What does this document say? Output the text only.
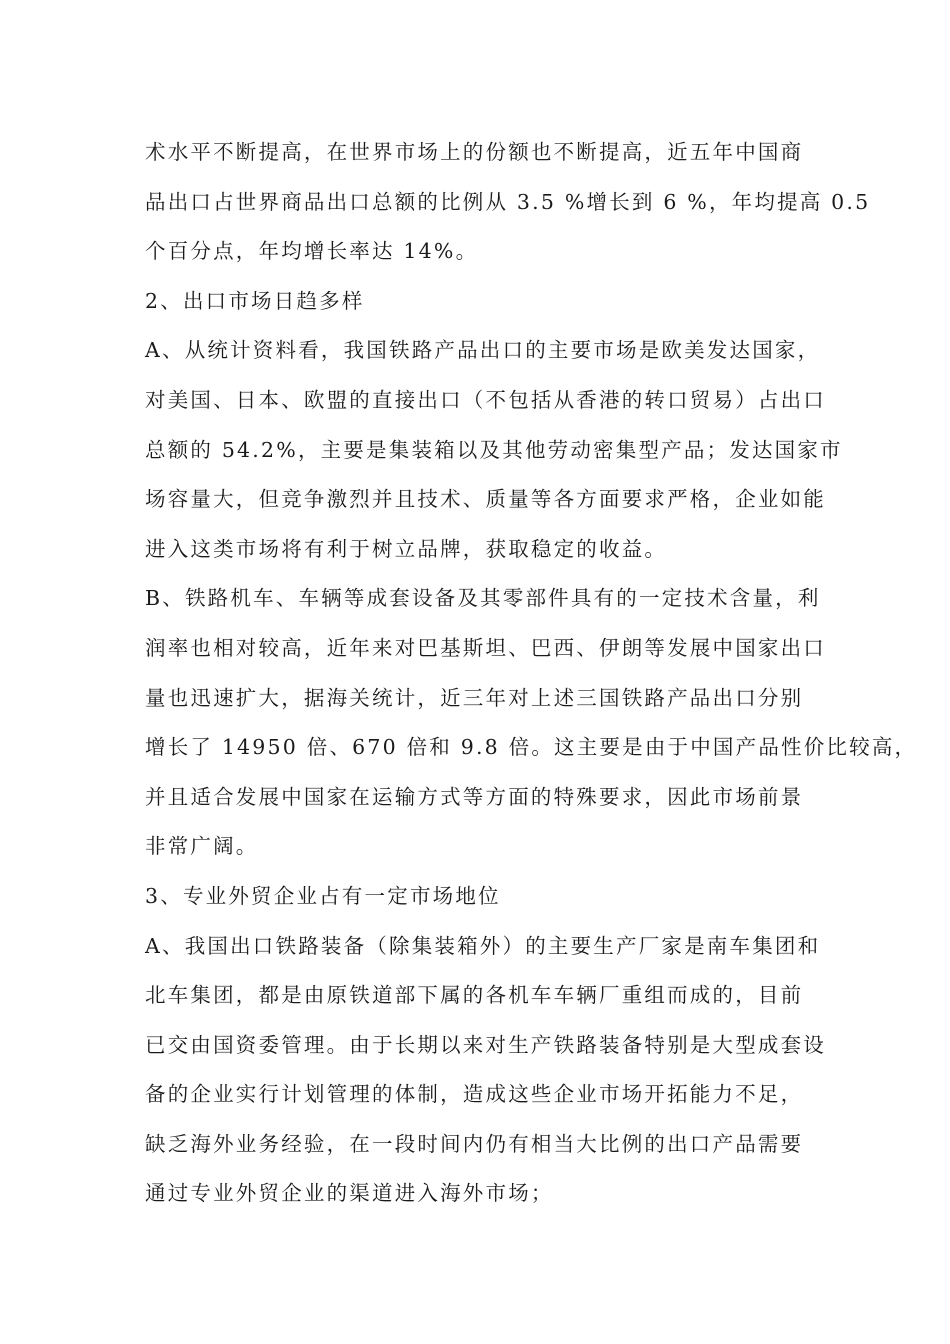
术水平不断提高，在世界市场上的份额也不断提高，近五年中国商
品出口占世界商品出口总额的比例从 3.5 %增长到 6 %，年均提高 0.5
个百分点，年均增长率达 14%。
2、出口市场日趋多样
A、从统计资料看，我国铁路产品出口的主要市场是欧美发达国家，
对美国、日本、欧盟的直接出口（不包括从香港的转口贸易）占出口
总额的 54.2%，主要是集装箱以及其他劳动密集型产品；发达国家市
场容量大，但竞争激烈并且技术、质量等各方面要求严格，企业如能
进入这类市场将有利于树立品牌，获取稳定的收益。
B、铁路机车、车辆等成套设备及其零部件具有的一定技术含量，利
润率也相对较高，近年来对巴基斯坦、巴西、伊朗等发展中国家出口
量也迅速扩大，据海关统计，近三年对上述三国铁路产品出口分别
增长了 14950 倍、670 倍和 9.8 倍。这主要是由于中国产品性价比较高，
并且适合发展中国家在运输方式等方面的特殊要求，因此市场前景
非常广阔。
3、专业外贸企业占有一定市场地位
A、我国出口铁路装备（除集装箱外）的主要生产厂家是南车集团和
北车集团，都是由原铁道部下属的各机车车辆厂重组而成的，目前
已交由国资委管理。由于长期以来对生产铁路装备特别是大型成套设
备的企业实行计划管理的体制，造成这些企业市场开拓能力不足，
缺乏海外业务经验，在一段时间内仍有相当大比例的出口产品需要
通过专业外贸企业的渠道进入海外市场；
